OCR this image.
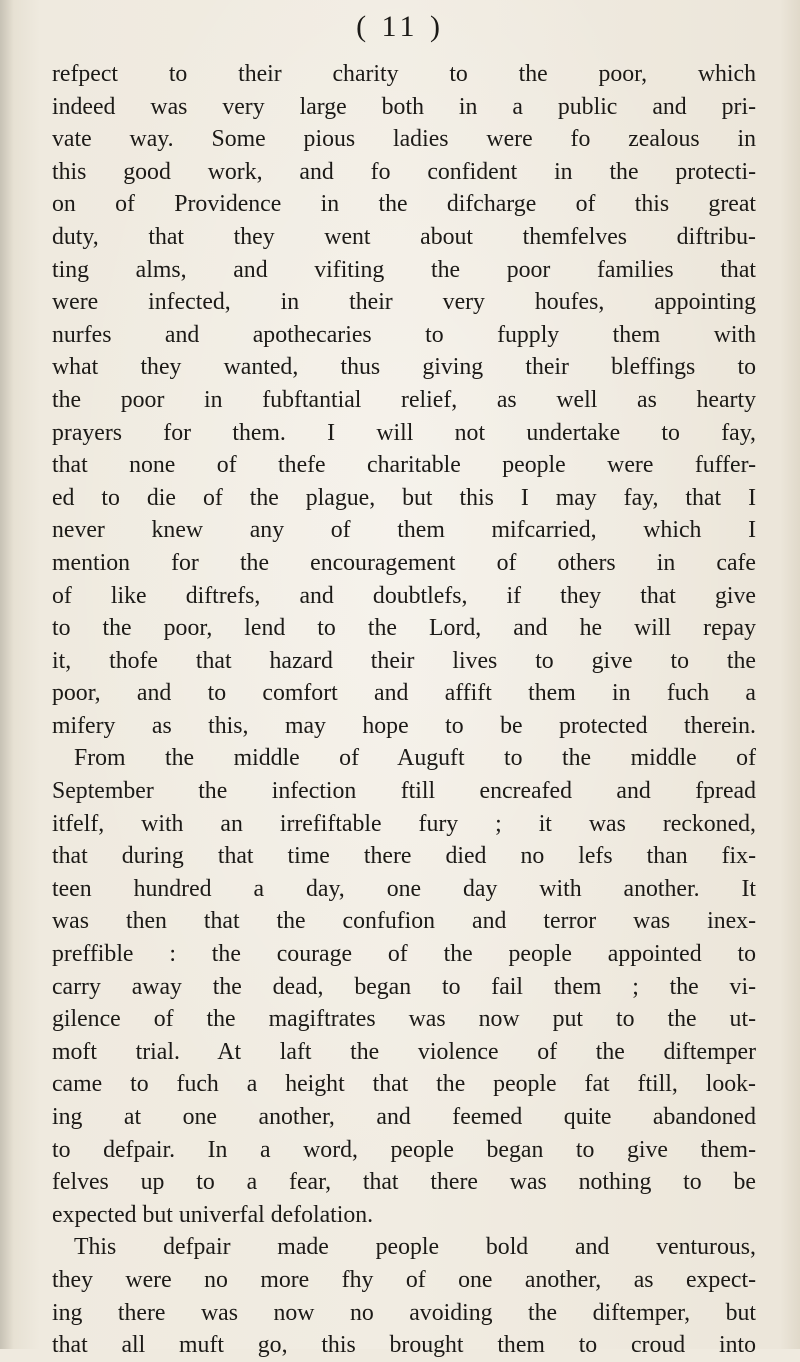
( 11 )
refpect to their charity to the poor, which
indeed was very large both in a public and pri-
vate way. Some pious ladies were fo zealous in
this good work, and fo confident in the protecti-
on of Providence in the difcharge of this great
duty, that they went about themfelves diftribu-
ting alms, and vifiting the poor families that
were infected, in their very houfes, appointing
nurfes and apothecaries to fupply them with
what they wanted, thus giving their bleffings to
the poor in fubftantial relief, as well as hearty
prayers for them. I will not undertake to fay,
that none of thefe charitable people were fuffer-
ed to die of the plague, but this I may fay, that I
never knew any of them mifcarried, which I
mention for the encouragement of others in cafe
of like diftrefs, and doubtlefs, if they that give
to the poor, lend to the Lord, and he will repay
it, thofe that hazard their lives to give to the
poor, and to comfort and affift them in fuch a
mifery as this, may hope to be protected therein.
From the middle of Auguft to the middle of
September the infection ftill encreafed and fpread
itfelf, with an irrefiftable fury ; it was reckoned,
that during that time there died no lefs than fix-
teen hundred a day, one day with another. It
was then that the confufion and terror was inex-
preffible : the courage of the people appointed to
carry away the dead, began to fail them ; the vi-
gilence of the magiftrates was now put to the ut-
moft trial. At laft the violence of the diftemper
came to fuch a height that the people fat ftill, look-
ing at one another, and feemed quite abandoned
to defpair. In a word, people began to give them-
felves up to a fear, that there was nothing to be
expected but univerfal defolation.
This defpair made people bold and venturous,
they were no more fhy of one another, as expect-
ing there was now no avoiding the diftemper, but
that all muft go, this brought them to croud into
